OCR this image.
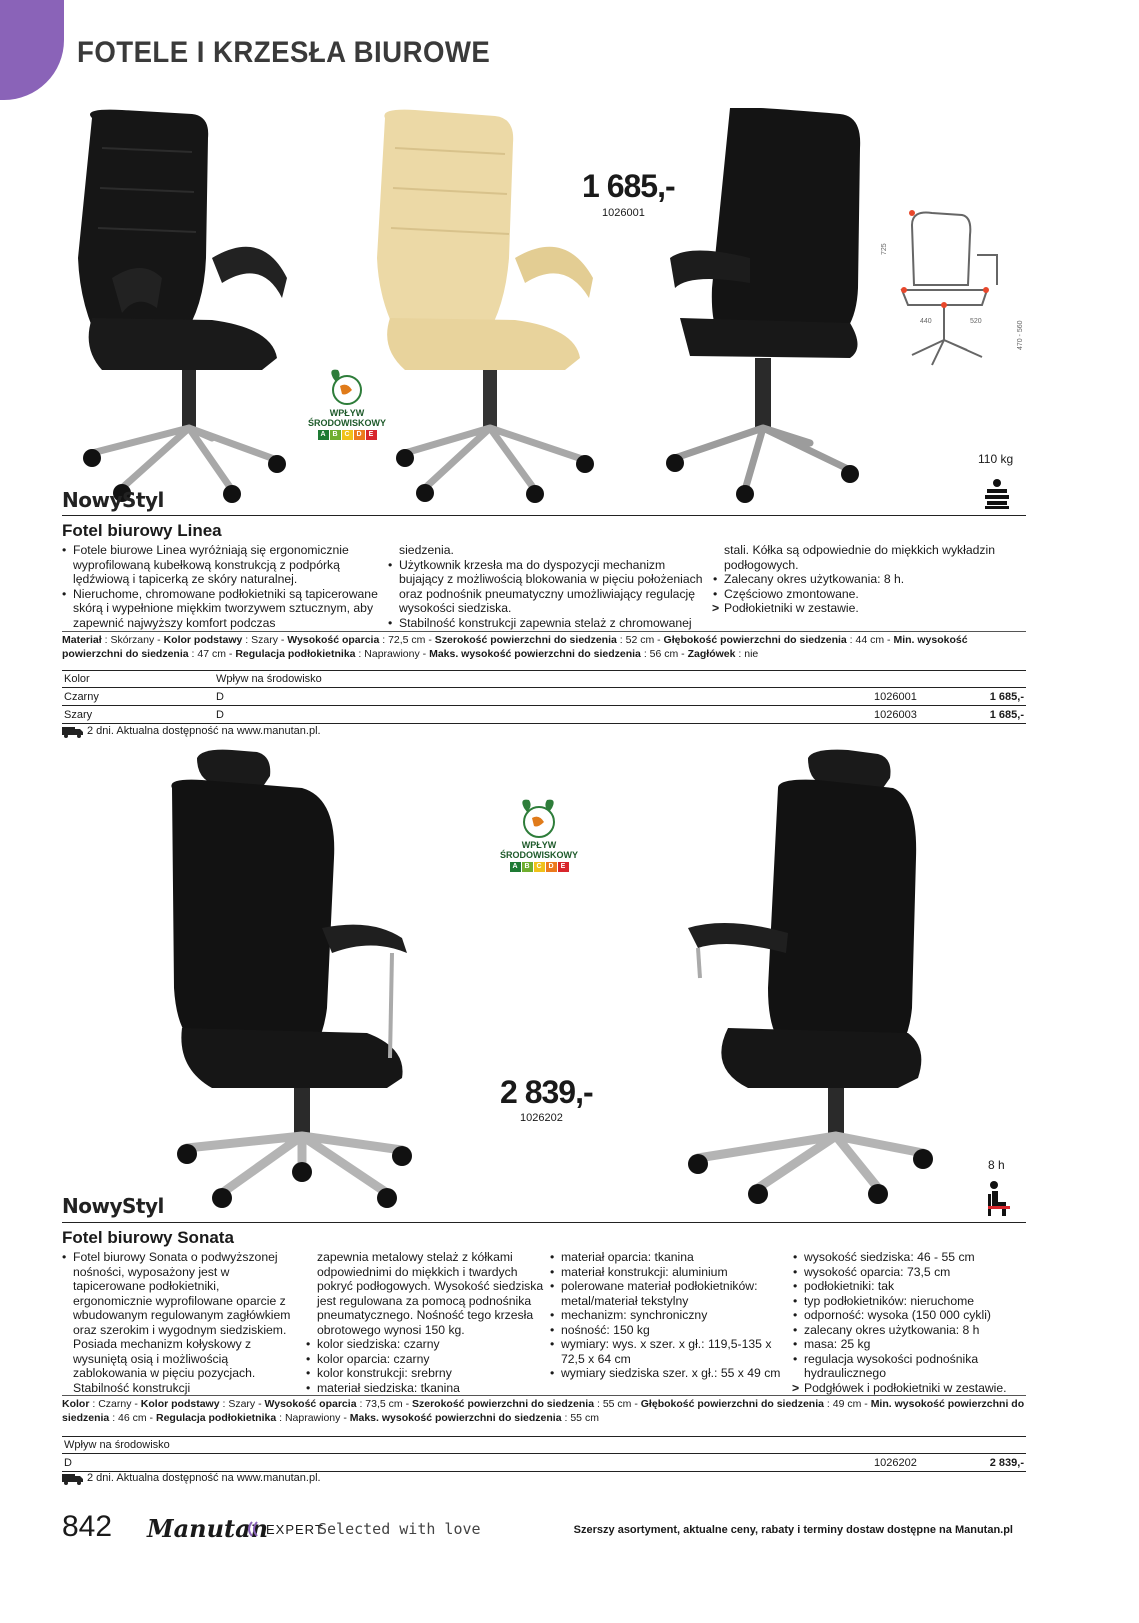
FOTELE I KRZESŁA BIUROWE
725
440	520	470 - 560
1 685,-
1026001
WPŁYW
ŚRODOWISKOWY
A B C D	E
110 kg
NowyStyl
Fotel biurowy Linea
• Fotele biurowe Linea wyróżniają się ergonomicznie wyprofilowaną kubełkową konstrukcją z podpórką lędźwiową i tapicerką ze skóry naturalnej.
• Nieruchome, chromowane podłokietniki są tapicerowane skórą i wypełnione miękkim tworzywem sztucznym, aby zapewnić najwyższy komfort podczas
siedzenia.
• Użytkownik krzesła ma do dyspozycji mechanizm bujający z możliwością blokowania w pięciu położeniach oraz podnośnik pneumatyczny umożliwiający regulację wysokości siedziska.
• Stabilność konstrukcji zapewnia stelaż z chromowanej
stali. Kółka są odpowiednie do miękkich wykładzin podłogowych.
• Zalecany okres użytkowania: 8 h.
• Częściowo zmontowane.
> Podłokietniki w zestawie.
Materiał : Skórzany - Kolor podstawy : Szary - Wysokość oparcia : 72,5 cm - Szerokość powierzchni do siedzenia : 52 cm - Głębokość powierzchni do siedzenia : 44 cm - Min. wysokość powierzchni do siedzenia : 47 cm - Regulacja podłokietnika : Naprawiony - Maks. wysokość powierzchni do siedzenia : 56 cm - Zagłówek : nie
Kolor	Wpływ na środowisko
Czarny	D	1026001	1 685,-
Szary	D	1026003	1 685,-
2 dni. Aktualna dostępność na www.manutan.pl.
WPŁYW
ŚRODOWISKOWY
A B C D	E
2 839,-
1026202
8 h
NowyStyl
Fotel biurowy Sonata
• Fotel biurowy Sonata o podwyższonej nośności, wyposażony jest w tapicerowane podłokietniki, ergonomicznie wyprofilowane oparcie z wbudowanym regulowanym zagłówkiem oraz szerokim i wygodnym siedziskiem. Posiada mechanizm kołyskowy z wysuniętą osią i możliwością zablokowania w pięciu pozycjach. Stabilność konstrukcji
zapewnia metalowy stelaż z kółkami odpowiednimi do miękkich i twardych pokryć podłogowych. Wysokość siedziska jest regulowana za pomocą podnośnika pneumatycznego. Nośność tego krzesła obrotowego wynosi 150 kg.
• kolor siedziska: czarny
• kolor oparcia: czarny
• kolor konstrukcji: srebrny
• materiał siedziska: tkanina
• materiał oparcia: tkanina
• materiał konstrukcji: aluminium
• polerowane materiał podłokietników: metal/materiał tekstylny
• mechanizm: synchroniczny
• nośność: 150 kg
• wymiary: wys. x szer. x gł.: 119,5-135 x 72,5 x 64 cm
• wymiary siedziska szer. x gł.: 55 x 49 cm
• wysokość siedziska: 46 - 55 cm
• wysokość oparcia: 73,5 cm
• podłokietniki: tak
• typ podłokietników: nieruchome
• odporność: wysoka (150 000 cykli)
• zalecany okres użytkowania: 8 h
• masa: 25 kg
• regulacja wysokości podnośnika hydraulicznego
> Podgłówek i podłokietniki w zestawie.
Kolor : Czarny - Kolor podstawy : Szary - Wysokość oparcia : 73,5 cm - Szerokość powierzchni do siedzenia : 55 cm - Głębokość powierzchni do siedzenia : 49 cm - Min. wysokość powierzchni do siedzenia : 46 cm - Regulacja podłokietnika : Naprawiony - Maks. wysokość powierzchni do siedzenia : 55 cm
Wpływ na środowisko
D	1026202	2 839,-
2 dni. Aktualna dostępność na www.manutan.pl.
842 Manutan
EXPERT
Selected with love	Szerszy asortyment, aktualne ceny, rabaty i terminy dostaw dostępne na Manutan.pl
